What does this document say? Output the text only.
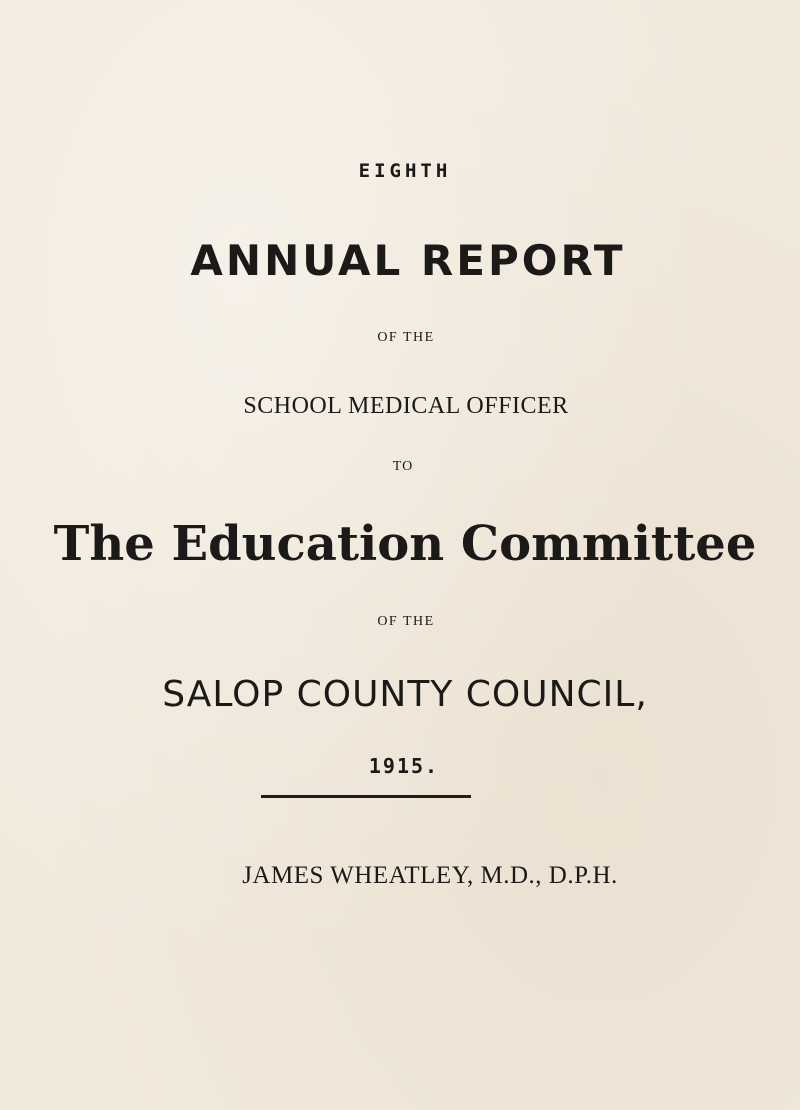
EIGHTH
ANNUAL REPORT
OF THE
SCHOOL MEDICAL OFFICER
TO
The Education Committee
OF THE
SALOP COUNTY COUNCIL,
1915.
JAMES WHEATLEY, M.D., D.P.H.
